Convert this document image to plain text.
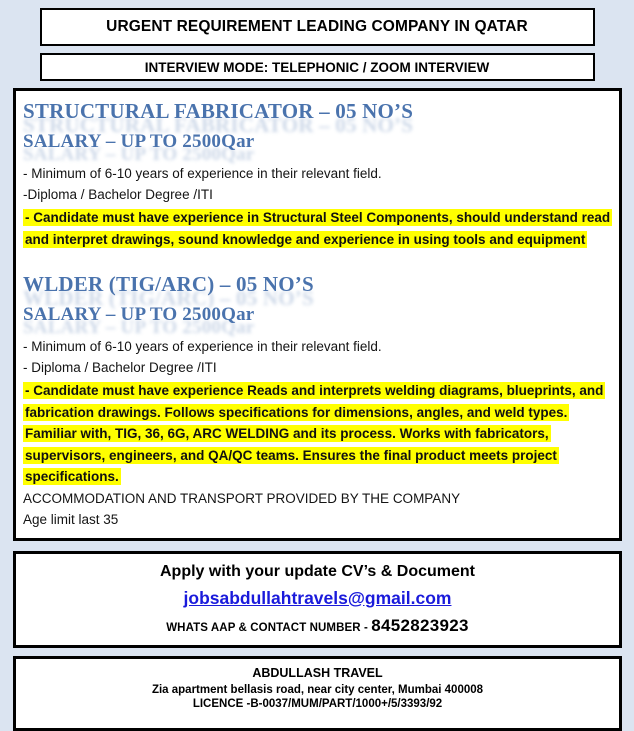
URGENT REQUIREMENT LEADING COMPANY IN QATAR
INTERVIEW MODE: TELEPHONIC / ZOOM INTERVIEW
STRUCTURAL FABRICATOR – 05 NO’S
SALARY – UP TO 2500Qar
- Minimum of 6-10 years of experience in their relevant field.
-Diploma / Bachelor Degree /ITI

- Candidate must have experience in Structural Steel Components, should understand read and interpret drawings, sound knowledge and experience in using tools and equipment

WLDER (TIG/ARC) – 05 NO’S
SALARY – UP TO 2500Qar
- Minimum of 6-10 years of experience in their relevant field.
- Diploma / Bachelor Degree /ITI

- Candidate must have experience Reads and interprets welding diagrams, blueprints, and fabrication drawings. Follows specifications for dimensions, angles, and weld types. Familiar with, TIG, 36, 6G, ARC WELDING and its process. Works with fabricators, supervisors, engineers, and QA/QC teams. Ensures the final product meets project specifications.

ACCOMMODATION AND TRANSPORT PROVIDED BY THE COMPANY
Age limit last 35
Apply with your update CV’s & Document
jobsabdullahtravels@gmail.com
WHATS AAP & CONTACT NUMBER - 8452823923
ABDULLASH TRAVEL
Zia apartment bellasis road, near city center, Mumbai 400008
LICENCE -B-0037/MUM/PART/1000+/5/3393/92
